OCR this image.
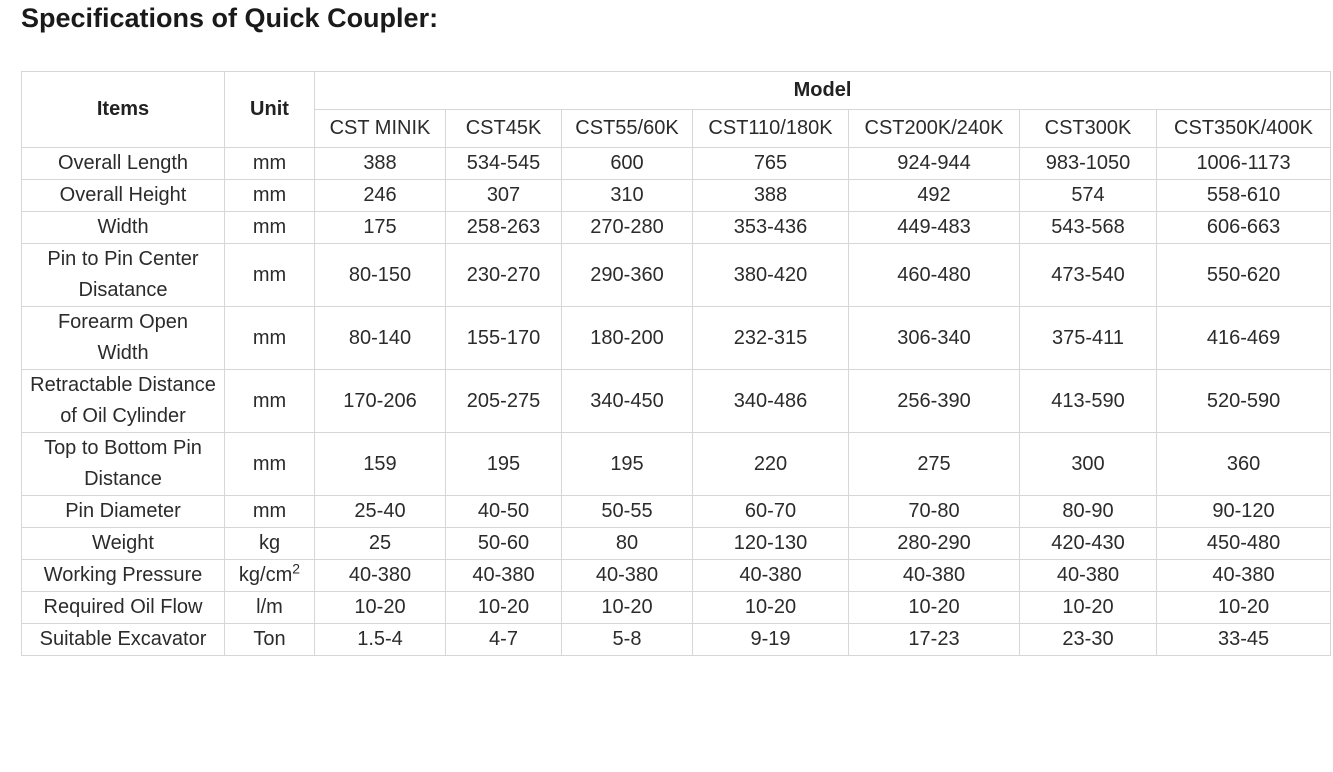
Specifications of Quick Coupler:
Items	Unit	Model						
		CST MINIK	CST45K	CST55/60K	CST110/180K	CST200K/240K	CST300K	CST350K/400K
Overall Length	mm	388	534-545	600	765	924-944	983-1050	1006-1173
Overall Height	mm	246	307	310	388	492	574	558-610
Width	mm	175	258-263	270-280	353-436	449-483	543-568	606-663
Pin to Pin Center Disatance	mm	80-150	230-270	290-360	380-420	460-480	473-540	550-620
Forearm Open Width	mm	80-140	155-170	180-200	232-315	306-340	375-411	416-469
Retractable Distance of Oil Cylinder	mm	170-206	205-275	340-450	340-486	256-390	413-590	520-590
Top to Bottom Pin Distance	mm	159	195	195	220	275	300	360
Pin Diameter	mm	25-40	40-50	50-55	60-70	70-80	80-90	90-120
Weight	kg	25	50-60	80	120-130	280-290	420-430	450-480
Working Pressure	$kg/cm^2$	40-380	40-380	40-380	40-380	40-380	40-380	40-380
Required Oil Flow	l/m	10-20	10-20	10-20	10-20	10-20	10-20	10-20
Suitable Excavator	Ton	1.5-4	4-7	5-8	9-19	17-23	23-30	33-45
